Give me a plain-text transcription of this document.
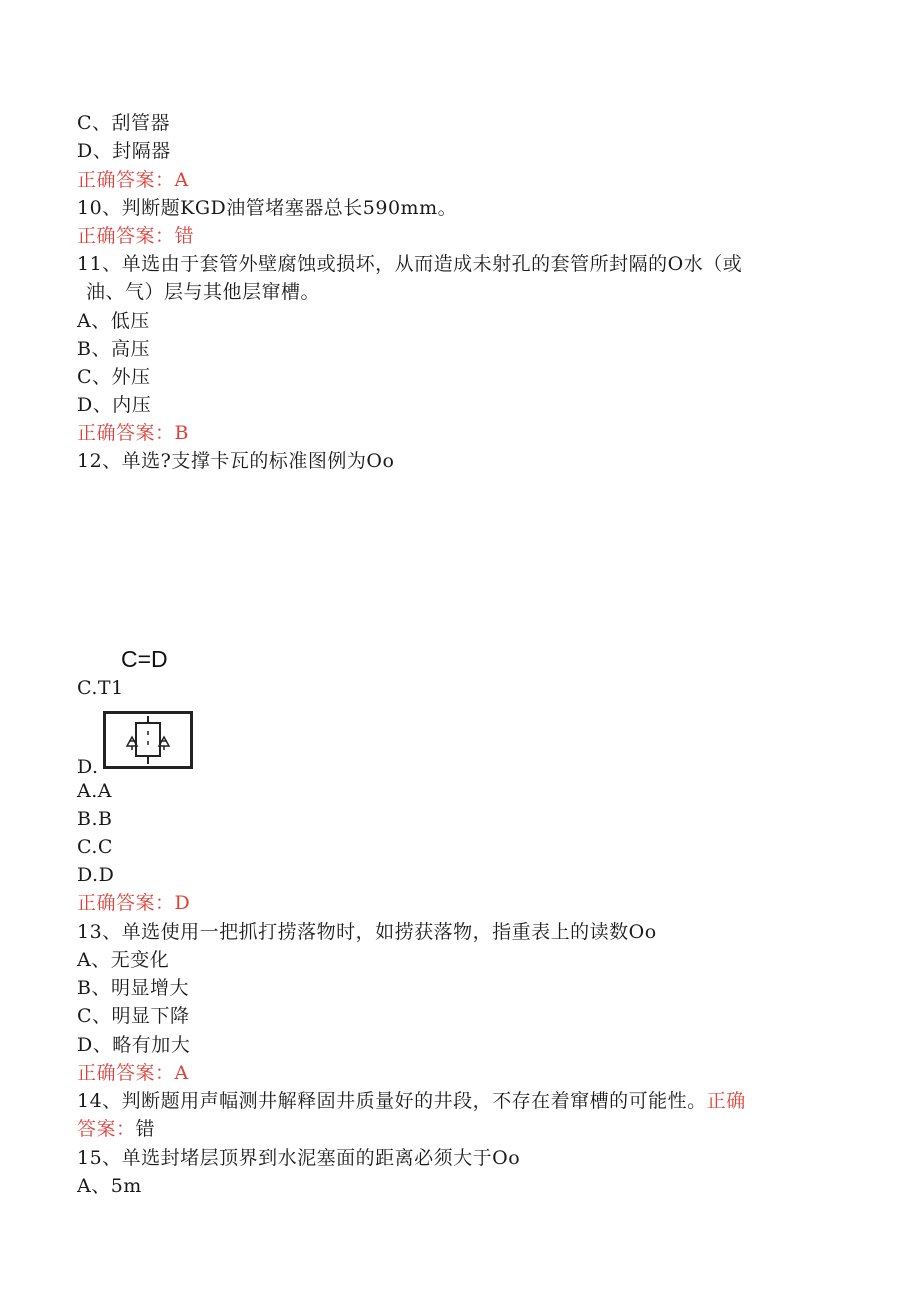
C、刮管器

D、封隔器

正确答案：A

10、判断题KGD油管堵塞器总长590mm。

正确答案：错

11、单选由于套管外壁腐蚀或损坏，从而造成未射孔的套管所封隔的O水（或

油、气）层与其他层窜槽。

A、低压

B、高压

C、外压

D、内压

正确答案：B

12、单选?支撑卡瓦的标准图例为Oo

C=D

C.T1

D.

A.A

B.B

C.C

D.D

正确答案：D

13、单选使用一把抓打捞落物时，如捞获落物，指重表上的读数Oo

A、无变化

B、明显增大

C、明显下降

D、略有加大

正确答案：A

14、判断题用声幅测井解释固井质量好的井段，不存在着窜槽的可能性。正确

答案：错

15、单选封堵层顶界到水泥塞面的距离必须大于Oo

A、5m
